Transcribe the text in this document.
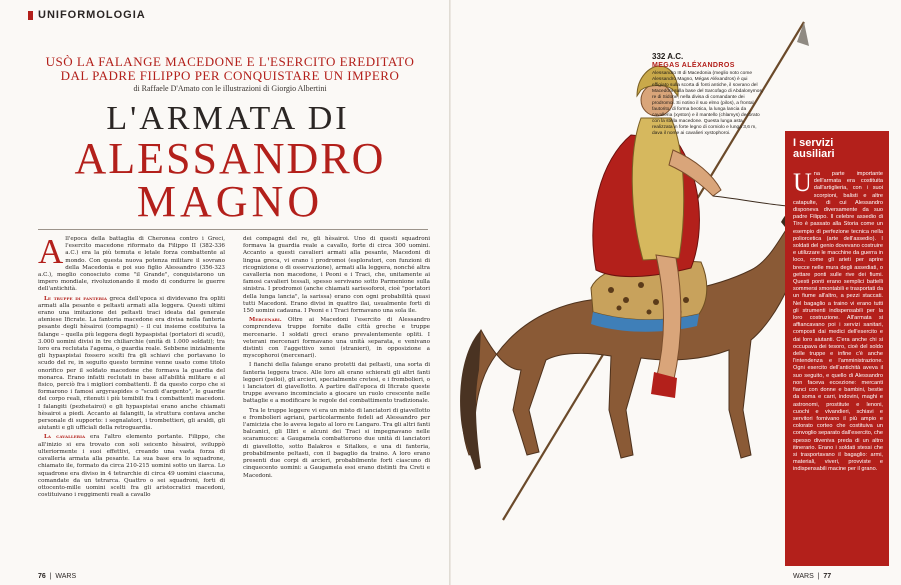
UNIFORMOLOGIA
USÒ LA FALANGE MACEDONE E L'ESERCITO EREDITATO
DAL PADRE FILIPPO PER CONQUISTARE UN IMPERO
di Raffaele D'Amato con le illustrazioni di Giorgio Albertini
L'ARMATA DI
ALESSANDRO
MAGNO

All'epoca della battaglia di Cheronea contro i Greci, l'esercito macedone riformato da Filippo II (382-336 a.C.) era la più temuta e letale forza combattente al mondo. Con questa nuova potenza militare il sovrano della Macedonia e poi suo figlio Alessandro (356-323 a.C.), meglio conosciuto come "il Grande", conquistarono un impero mondiale, rivoluzionando il modo di condurre le guerre dell'antichità.

Le truppe di fanteria greca dell'epoca si dividevano fra opliti armati alla pesante e peltasti armati alla leggera. Questi ultimi erano una imitazione dei peltasti traci ideata dal generale ateniese Ificrate. La fanteria macedone era divisa nella fanteria pesante degli hèsairoi (compagni) – il cui insieme costituiva la falange – quella più leggera degli hypaspistai (portatori di scudi), 3.000 uomini divisi in tre chiliarchie (unità di 1.000 soldati); tra loro era reclutata l'agema, o guardia reale. Sebbene inizialmente gli hypaspistai fossero scelti fra gli schiavi che portavano lo scudo del re, in seguito questo termine venne usato come titolo onorifico per il soldato macedone che formava la guardia del monarca. Erano infatti reclutati in base all'abilità militare e al fisico, perciò fra i migliori combattenti. È da questo corpo che si formarono i famosi argyraspides o "scudi d'argento", le guardie del corpo reali, ritenuti i più temibili fra i combattenti macedoni. I falangiti (pezhetairoi) e gli hypaspistai erano anche chiamati hèsairoi a piedi. Accanto ai falangiti, la struttura contava anche personale di supporto: i segnalatori, i trombettieri, gli araldi, gli aiutanti e gli ufficiali della retroguardia.

La cavalleria era l'altro elemento portante. Filippo, che all'inizio si era trovato con soli seicento hèsairoi, sviluppò ulteriormente i suoi effettivi, creando una vasta forza di cavalleria armata alla pesante. La sua base era lo squadrone, chiamato ile, formato da circa 210-215 uomini sotto un ilarca. Lo squadrone era diviso in 4 tetrarchie di circa 49 uomini ciascuna, comandate da un tetrarca. Quattro o sei squadroni, forti di ottocento-mille uomini scelti fra gli aristocratici macedoni, costituivano i reggimenti reali a cavallo

dei compagni del re, gli hèsairoi. Uno di questi squadroni formava la guardia reale a cavallo, forte di circa 300 uomini. Accanto a questi cavalieri armati alla pesante, Macedoni di lingua greca, vi erano i prodromoi (esploratori, con funzioni di ricognizione o di osservazione), armati alla leggera, nonché altra cavalleria non macedone, i Peoni e i Traci, che, unitamente ai famosi cavalieri tessali, spesso servivano sotto Parmenione sulla sinistra. I prodromoi (anche chiamati sarissoforoi, cioè "portatori della lunga lancia", la sarissa) erano con ogni probabilità quasi tutti Macedoni. Erano divisi in quattro ilai, usualmente forti di 150 uomini cadauna. I Peoni e i Traci formavano una sola ile.

Mercenari. Oltre ai Macedoni l'esercito di Alessandro comprendeva truppe fornite dalle città greche e truppe mercenarie. I soldati greci erano prevalentemente opliti. I veterani mercenari formavano una unità separata, e venivano distinti con l'aggettivo xenoi (stranieri), in opposizione a myscophoroi (mercenari).

I fianchi della falange erano protetti dai peltasti, una sorta di fanteria leggera trace. Alle loro ali erano schierati gli altri fanti leggeri (psiloi), gli arcieri, specialmente cretesi, e i frombolieri, o i lanciatori di giavellotto. A partire dall'epoca di Ificrate queste truppe avevano incominciato a giocare un ruolo crescente nelle battaglie e a modificare le regole del combattimento tradizionale.

Tra le truppe leggere vi era un misto di lanciatori di giavellotto e frombolieri agriani, particolarmente fedeli ad Alessandro per l'amicizia che lo aveva legato al loro re Langaro. Tra gli altri fanti balcanici, gli Illiri e alcuni dei Traci si impegnavano nelle scaramucce: a Gaugamela combatterono due unità di lanciatori di giavellotto, sotto Balakros e Sitalkes, e una di fanteria, probabilmente peltasti, con il bagaglio da traino. A loro erano presenti due corpi di arcieri, probabilmente forti ciascuno di cinquecento uomini: a Gaugamela essi erano distinti fra Creti e Macedoni.

76  |  WARS
332 A.C.
MEGAS ALÉXANDROS
Alessandro III di Macedonia (meglio noto come Alessandro Magno, Mégas Aléxandros) è qui effigiato sulla scorta di fonti antiche, il sovrano del Macedoni sulla base del Sarcofago di Abdalonymos, re di Sidone, nella divisa di comandante dei prodromoi. Si notino il suo elmo (pilos), a frontal fautorito, di forma beotica, la lunga lancia da cavalleria (xyston) e il mantello (chlamys) decorato con la stella macedone. Questa lunga asta, realizzata in forte legno di corniolo e lunga 3,6 m, dava il nome ai cavalieri xystophoroi.
I servizi
ausiliari
Una parte importante dell'armata era costituita dall'artiglieria, con i suoi scorpioni, balisti e altre catapulte, di cui Alessandro disponeva diversamente da suo padre Filippo. Il celebre assedio di Tiro è passato alla Storia come un esempio di perfezione tecnica nella poliorcetica (arte dell'assedio). I soldati del genio dovevano costruire e utilizzare le macchine da guerra in loco, come gli arieti per aprire brecce nelle mura degli assediati, o gettare ponti sulle rive dei fiumi. Questi ponti erano semplici battelli sommersi smontabili e trasportati da un fiume all'altro, a pezzi staccati. Nel bagaglio a traino vi erano tutti gli strumenti indispensabili per la loro costruzione. All'armata si affiancavano poi i servizi sanitari, composti dai medici dell'esercito e dai loro aiutanti. C'era anche chi si occupava dei tesoro, cioè del soldo delle truppe e infine c'è anche l'intendenza e l'amministrazione. Ogni esercito dell'antichità aveva il suo seguito, e quello di Alessandro non faceva eccezione: mercanti fianci con donne e bambini, bestie da soma e carri, indovini, maghi e astronomi, prostitute e lenoni, cuochi e vivandieri, schiavi e servitori fornivano il più ampio e colorato corteo che costituiva un convoglio separato dall'esercito, che spesso diveniva preda di un altro itinerario. Erano i soldati stessi che si trasportavano il bagaglio: armi, materiali, viveri, provviste e indispensabili macine per il grano.
WARS  |  77
